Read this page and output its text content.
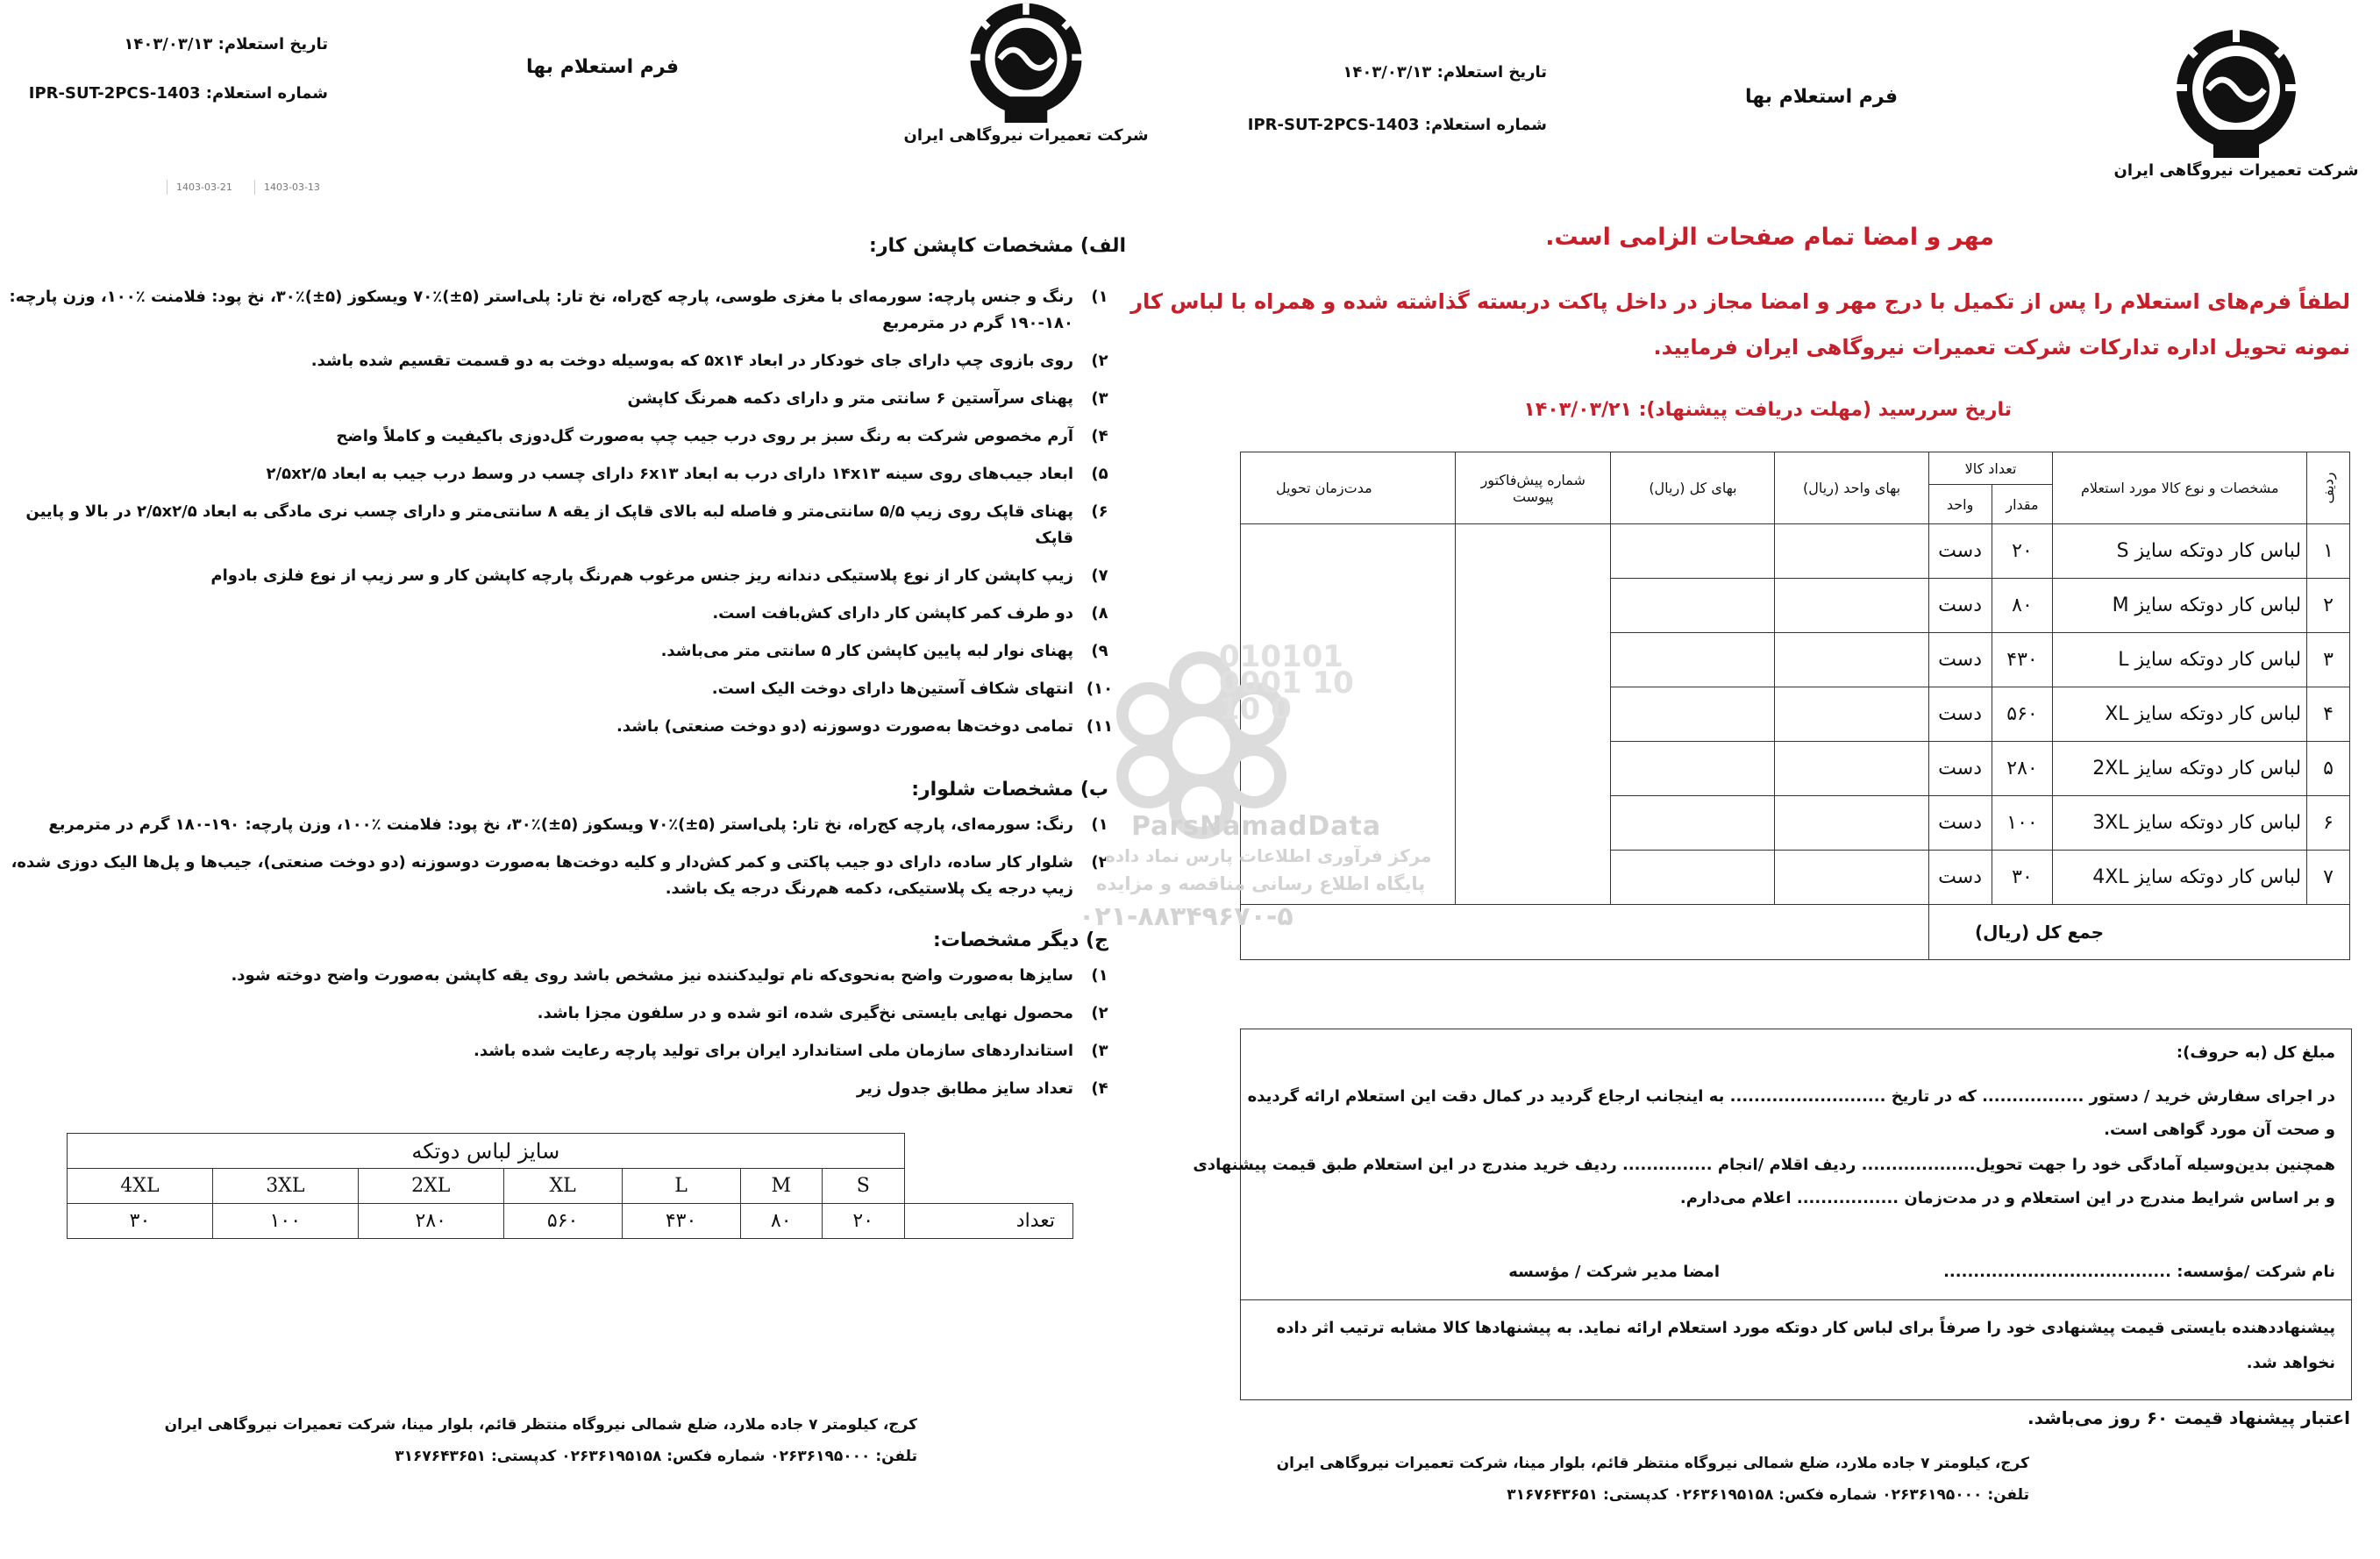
شرکت تعمیرات نیروگاهی ایران
فرم استعلام بها
تاریخ استعلام: ۱۴۰۳/۰۳/۱۳
شماره استعلام: IPR-SUT-2PCS-1403
مهر و امضا تمام صفحات الزامی است.
لطفاً فرم‌های استعلام را پس از تکمیل با درج مهر و امضا مجاز در داخل پاکت دربسته گذاشته شده و همراه با لباس کار
نمونه تحویل اداره تدارکات شرکت تعمیرات نیروگاهی ایران فرمایید.
تاریخ سررسید (مهلت دریافت پیشنهاد): ۱۴۰۳/۰۳/۲۱
ردیف	مشخصات و نوع کالا مورد استعلام	تعداد کالا		بهای واحد (ریال)	بهای کل (ریال)	شماره پیش‌فاکتور پیوست	مدت‌زمان تحویل
		مقدار	واحد				
۱	لباس کار دوتکه سایز S	۲۰	دست				
۲	لباس کار دوتکه سایز M	۸۰	دست				
۳	لباس کار دوتکه سایز L	۴۳۰	دست				
۴	لباس کار دوتکه سایز XL	۵۶۰	دست				
۵	لباس کار دوتکه سایز 2XL	۲۸۰	دست				
۶	لباس کار دوتکه سایز 3XL	۱۰۰	دست				
۷	لباس کار دوتکه سایز 4XL	۳۰	دست				
جمع کل (ریال)							
مبلغ کل (به حروف):
در اجرای سفارش خرید / دستور ................. که در تاریخ .......................... به اینجانب ارجاع گردید در کمال دقت این استعلام ارائه گردیده
و صحت آن مورد گواهی است.
همچنین بدین‌وسیله آمادگی خود را جهت تحویل................... ردیف اقلام /انجام ............... ردیف خرید مندرج در این استعلام طبق قیمت پیشنهادی
و بر اساس شرایط مندرج در این استعلام و در مدت‌زمان ................. اعلام می‌دارم.
نام شرکت /مؤسسه: ......................................
امضا مدیر شرکت / مؤسسه
پیشنهاددهنده بایستی قیمت پیشنهادی خود را صرفاً برای لباس کار دوتکه مورد استعلام ارائه نماید. به پیشنهادها کالا مشابه ترتیب اثر داده
نخواهد شد.
اعتبار پیشنهاد قیمت ۶۰ روز می‌باشد.
کرج، کیلومتر ۷ جاده ملارد، ضلع شمالی نیروگاه منتظر قائم، بلوار مینا، شرکت تعمیرات نیروگاهی ایران
تلفن: ۰۲۶۳۶۱۹۵۰۰۰ شماره فکس: ۰۲۶۳۶۱۹۵۱۵۸ کدپستی: ۳۱۶۷۶۴۳۶۵۱
شرکت تعمیرات نیروگاهی ایران
فرم استعلام بها
تاریخ استعلام: ۱۴۰۳/۰۳/۱۳
شماره استعلام: IPR-SUT-2PCS-1403
1403-03-13
1403-03-21
الف) مشخصات کاپشن کار:
۱)
رنگ و جنس پارچه: سورمه‌ای با مغزی طوسی، پارچه کج‌راه، نخ تار: پلی‌استر (۵±)٪۷۰ ویسکوز (۵±)٪۳۰، نخ پود: فلامنت ٪۱۰۰، وزن پارچه: ۱۸۰-۱۹۰ گرم در مترمربع
۲)
روی بازوی چپ دارای جای خودکار در ابعاد ۵x۱۴ که به‌وسیله دوخت به دو قسمت تقسیم شده باشد.
۳)
پهنای سرآستین ۶ سانتی متر و دارای دکمه همرنگ کاپشن
۴)
آرم مخصوص شرکت به رنگ سبز بر روی درب جیب چپ به‌صورت گل‌دوزی باکیفیت و کاملاً واضح
۵)
ابعاد جیب‌های روی سینه ۱۴x۱۳ دارای درب به ابعاد ۶x۱۳ دارای چسب در وسط درب جیب به ابعاد ۲/۵x۲/۵
۶)
پهنای قاپک روی زیپ ۵/۵ سانتی‌متر و فاصله لبه بالای قاپک از یقه ۸ سانتی‌متر و دارای چسب نری مادگی به ابعاد ۲/۵x۲/۵ در بالا و پایین قاپک
۷)
زیپ کاپشن کار از نوع پلاستیکی دندانه ریز جنس مرغوب هم‌رنگ پارچه کاپشن کار و سر زیپ از نوع فلزی بادوام
۸)
دو طرف کمر کاپشن کار دارای کش‌بافت است.
۹)
پهنای نوار لبه پایین کاپشن کار ۵ سانتی متر می‌باشد.
۱۰)
انتهای شکاف آستین‌ها دارای دوخت الیک است.
۱۱)
تمامی دوخت‌ها به‌صورت دوسوزنه (دو دوخت صنعتی) باشد.
ب) مشخصات شلوار:
۱)
رنگ: سورمه‌ای، پارچه کج‌راه، نخ تار: پلی‌استر (۵±)٪۷۰ ویسکوز (۵±)٪۳۰، نخ پود: فلامنت ٪۱۰۰، وزن پارچه: ۱۹۰-۱۸۰ گرم در مترمربع
۲)
شلوار کار ساده، دارای دو جیب پاکتی و کمر کش‌دار و کلیه دوخت‌ها به‌صورت دوسوزنه (دو دوخت صنعتی)، جیب‌ها و پل‌ها الیک دوزی شده، زیپ درجه یک پلاستیکی، دکمه هم‌رنگ درجه یک باشد.
ج) دیگر مشخصات:
۱)
سایزها به‌صورت واضح به‌نحوی‌که نام تولیدکننده نیز مشخص باشد روی یقه کاپشن به‌صورت واضح دوخته شود.
۲)
محصول نهایی بایستی نخ‌گیری شده، اتو شده و در سلفون مجزا باشد.
۳)
استانداردهای سازمان ملی استاندارد ایران برای تولید پارچه رعایت شده باشد.
۴)
تعداد سایز مطابق جدول زیر
سایز لباس دوتکه							
4XL	3XL	2XL	XL	L	M	S	
۳۰	۱۰۰	۲۸۰	۵۶۰	۴۳۰	۸۰	۲۰	تعداد
کرج، کیلومتر ۷ جاده ملارد، ضلع شمالی نیروگاه منتظر قائم، بلوار مینا، شرکت تعمیرات نیروگاهی ایران
تلفن: ۰۲۶۳۶۱۹۵۰۰۰ شماره فکس: ۰۲۶۳۶۱۹۵۱۵۸ کدپستی: ۳۱۶۷۶۴۳۶۵۱
010101 0001 10 10 0
ParsNamadData
مرکز فرآوری اطلاعات پارس نماد داده
پایگاه اطلاع رسانی مناقصه و مزایده
۰۲۱-۸۸۳۴۹۶۷۰-۵
